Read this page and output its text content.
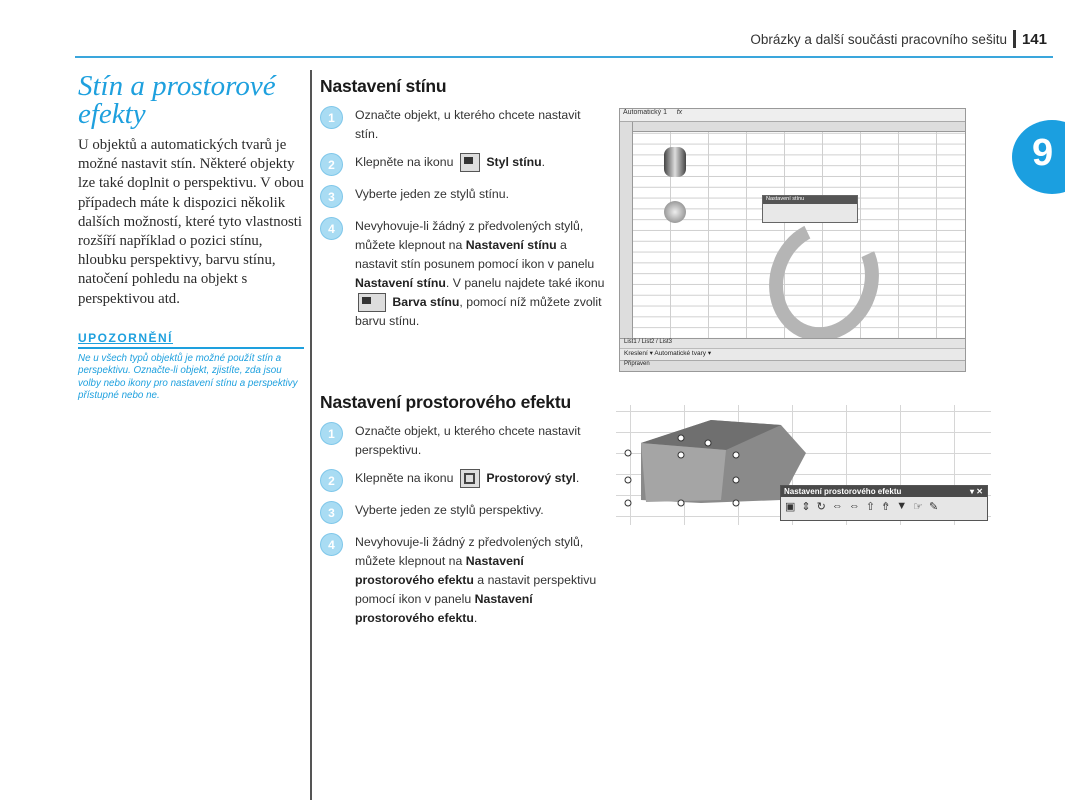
Obrázky a další součásti pracovního sešitu 141
9
Stín a prostorové efekty

U objektů a automatických tvarů je možné nastavit stín. Některé objekty lze také doplnit o perspektivu. V obou případech máte k dispozici několik dalších možností, které tyto vlastnosti rozšíří například o pozici stínu, hloubku perspektivy, barvu stínu, natočení pohledu na objekt s perspektivou atd.

UPOZORNĚNÍ
Ne u všech typů objektů je možné použít stín a perspektivu. Označte-li objekt, zjistíte, zda jsou volby nebo ikony pro nastavení stínu a perspektivy přístupné nebo ne.
Nastavení stínu
1	Označte objekt, u kterého chcete nastavit stín.
2	Klepněte na ikonu	Styl stínu.
3	Vyberte jeden ze stylů stínu.
4	Nevyhovuje-li žádný z předvolených stylů, můžete klepnout na Nastavení stínu a nastavit stín posunem pomocí ikon v panelu Nastavení stínu. V panelu najdete také ikonu  Barva stínu, pomocí níž můžete zvolit barvu stínu.
Nastavení prostorového efektu
1	Označte objekt, u kterého chcete nastavit perspektivu.
2	Klepněte na ikonu	Prostorový styl.
3	Vyberte jeden ze stylů perspektivy.
4	Nevyhovuje-li žádný z předvolených stylů, můžete klepnout na Nastavení prostorového efektu a nastavit perspektivu pomocí ikon v panelu Nastavení prostorového efektu.
Automatický 1 fx
Nastavení stínu
List1 / List2 / List3
Kreslení ▾ Automatické tvary ▾
Připraven
Nastavení prostorového efektu	▾ ✕
▣ ⇕ ↻ ⇔ ⇔ ⇧ ⇮ ▼ ☞ ✎
